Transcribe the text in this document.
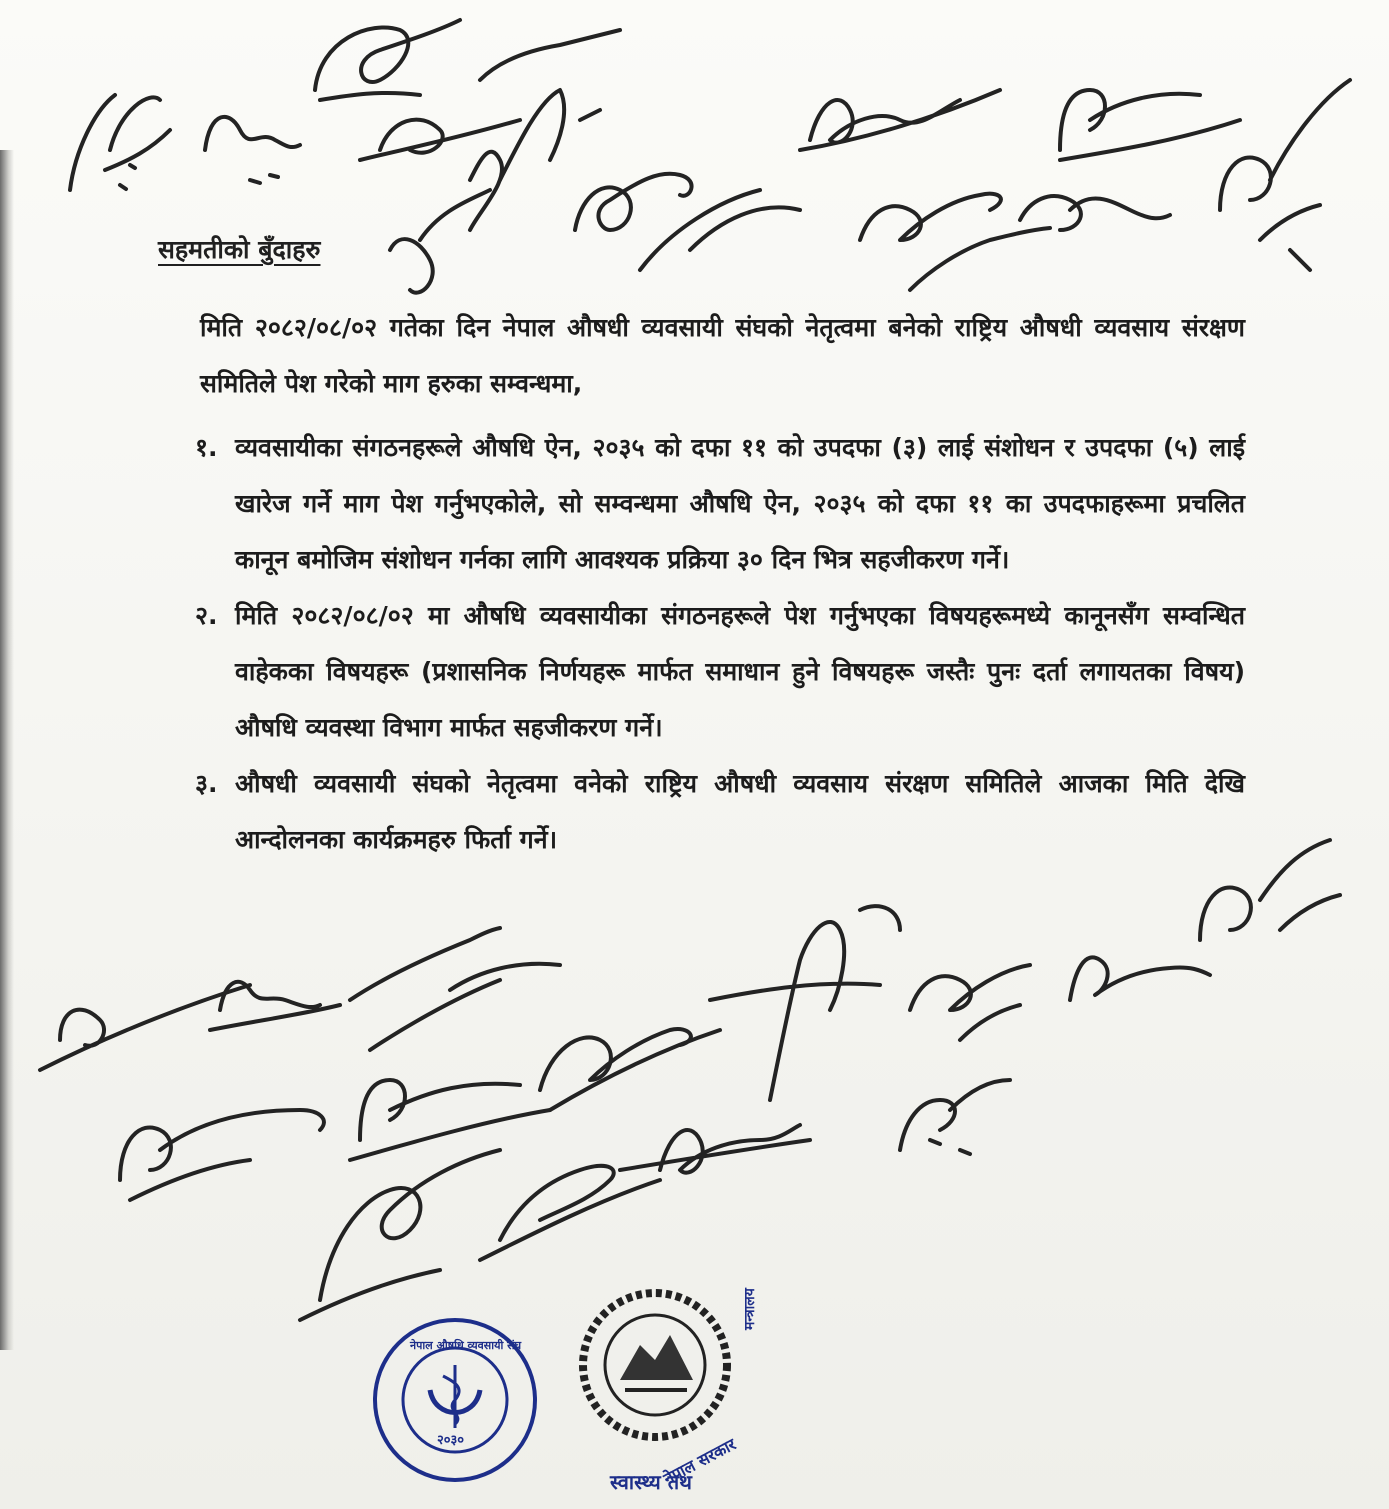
नेपाल औषधि व्यवसायी संघ
२०३०	नेपाल सरकार
स्वास्थ्य तथ
मन्त्रालय
सहमतीको बुँदाहरु
मिति २०८२/०८/०२ गतेका दिन नेपाल औषधी व्यवसायी संघको नेतृत्वमा बनेको राष्ट्रिय औषधी व्यवसाय संरक्षण समितिले पेश गरेको माग हरुका सम्वन्धमा,
१. व्यवसायीका संगठनहरूले औषधि ऐन, २०३५ को दफा ११ को उपदफा (३) लाई संशोधन र उपदफा (५) लाई खारेज गर्ने माग पेश गर्नुभएकोले, सो सम्वन्धमा औषधि ऐन, २०३५ को दफा ११ का उपदफाहरूमा प्रचलित कानून बमोजिम संशोधन गर्नका लागि आवश्यक प्रक्रिया ३० दिन भित्र सहजीकरण गर्ने।
२. मिति २०८२/०८/०२ मा औषधि व्यवसायीका संगठनहरूले पेश गर्नुभएका विषयहरूमध्ये कानूनसँग सम्वन्धित वाहेकका विषयहरू (प्रशासनिक निर्णयहरू मार्फत समाधान हुने विषयहरू जस्तैः पुनः दर्ता लगायतका विषय) औषधि व्यवस्था विभाग मार्फत सहजीकरण गर्ने।
३. औषधी व्यवसायी संघको नेतृत्वमा वनेको राष्ट्रिय औषधी व्यवसाय संरक्षण समितिले आजका मिति देखि आन्दोलनका कार्यक्रमहरु फिर्ता गर्ने।
